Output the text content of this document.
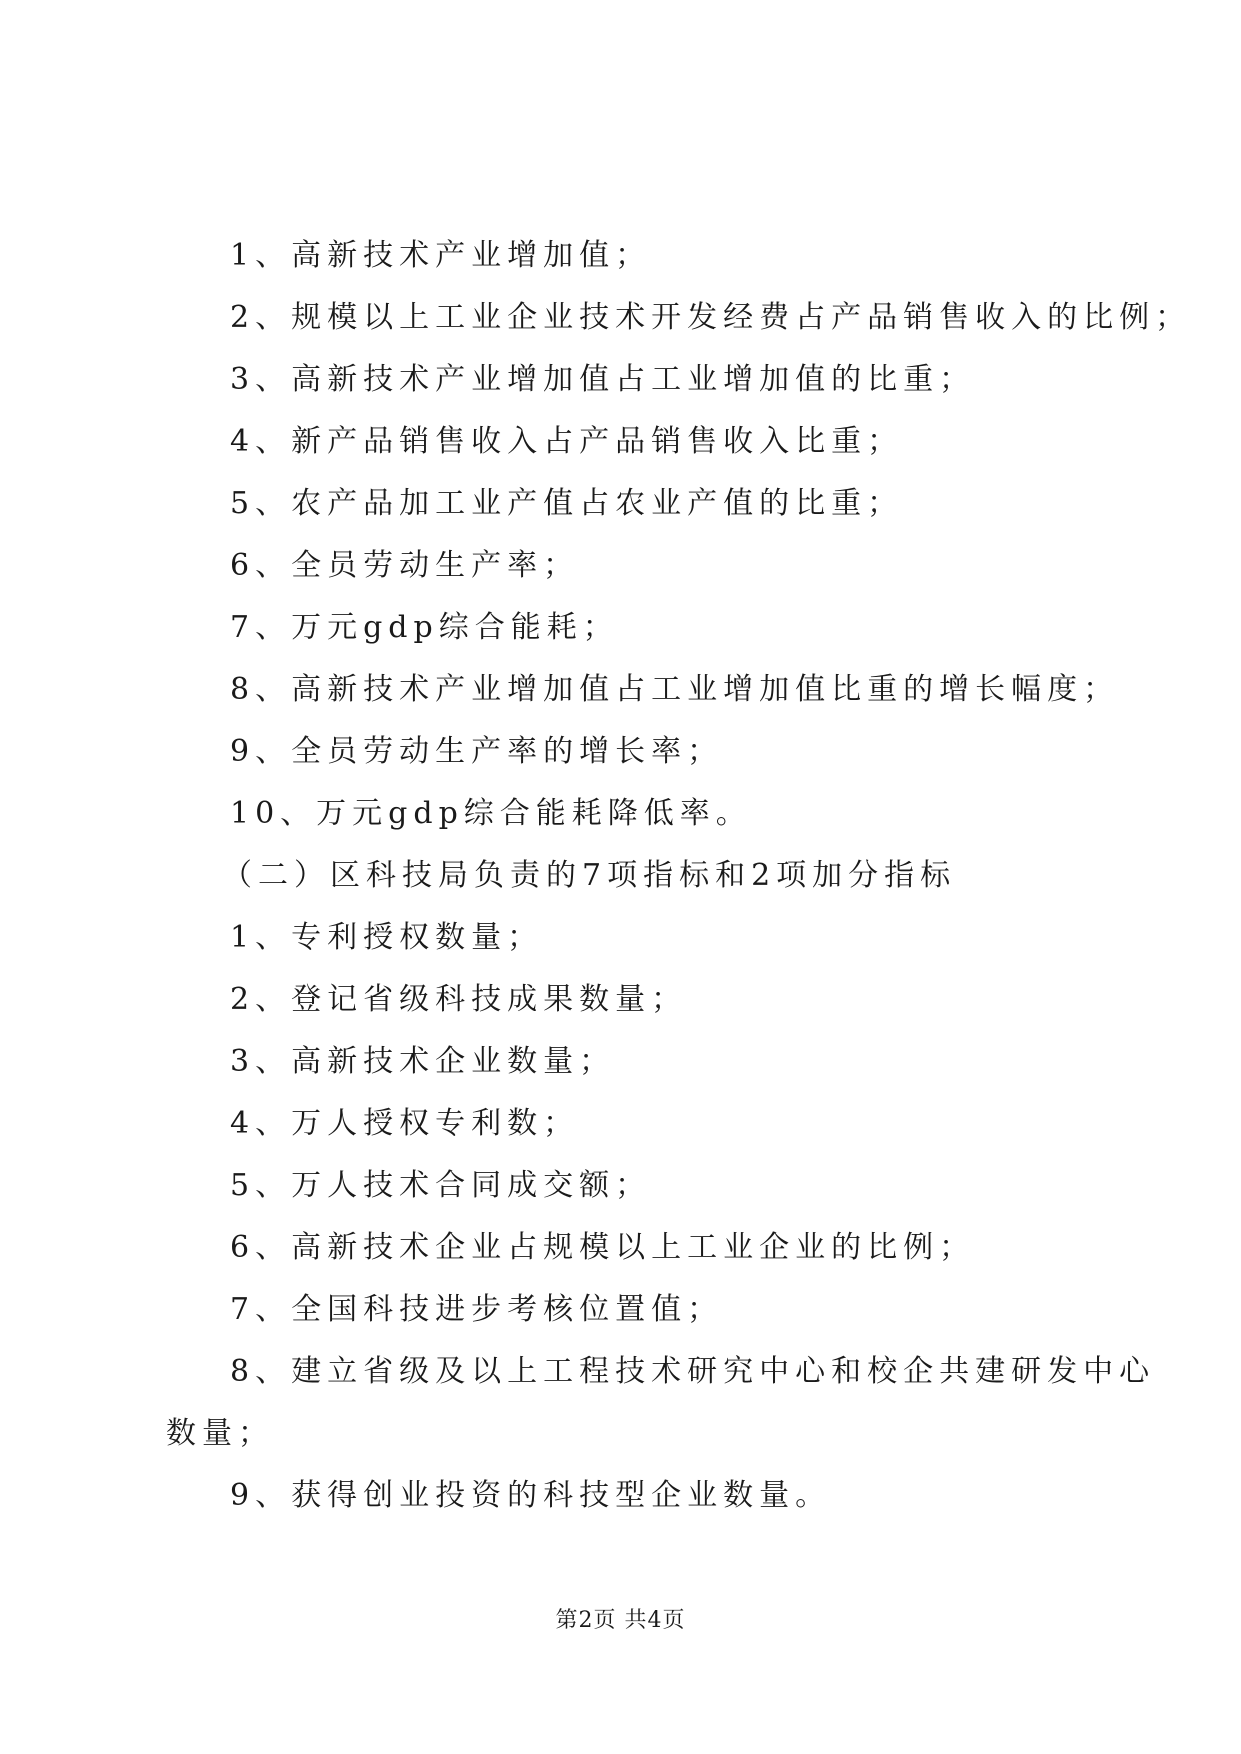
1、高新技术产业增加值；
2、规模以上工业企业技术开发经费占产品销售收入的比例；
3、高新技术产业增加值占工业增加值的比重；
4、新产品销售收入占产品销售收入比重；
5、农产品加工业产值占农业产值的比重；
6、全员劳动生产率；
7、万元gdp综合能耗；
8、高新技术产业增加值占工业增加值比重的增长幅度；
9、全员劳动生产率的增长率；
10、万元gdp综合能耗降低率。
（二）区科技局负责的7项指标和2项加分指标
1、专利授权数量；
2、登记省级科技成果数量；
3、高新技术企业数量；
4、万人授权专利数；
5、万人技术合同成交额；
6、高新技术企业占规模以上工业企业的比例；
7、全国科技进步考核位置值；
8、建立省级及以上工程技术研究中心和校企共建研发中心
数量；
9、获得创业投资的科技型企业数量。
第2页 共4页
